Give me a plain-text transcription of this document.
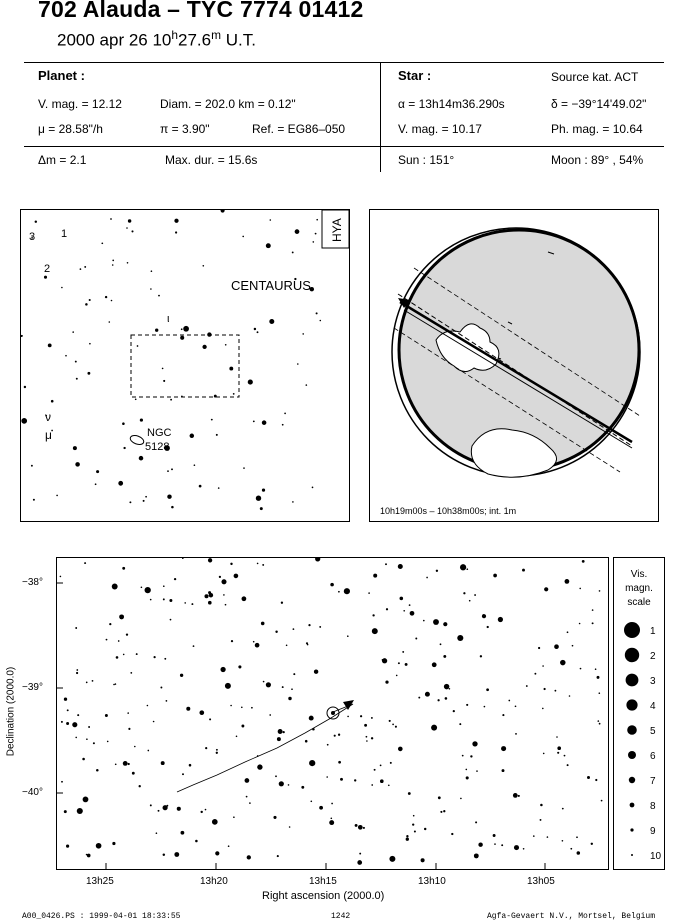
702 Alauda – TYC 7774 01412
2000 apr 26 10$^h$27.6$^m$ U.T.
Planet :
V. mag. = 12.12	Diam. = 202.0 km = 0.12"
μ = 28.58"/h	π = 3.90"	Ref. = EG86–050
Star :	Source kat. ACT
α = 13h14m36.290s	δ = −39°14'49.02"
V. mag. = 10.17	Ph. mag. = 10.64
Δm = 2.1	Max. dur. = 15.6s	Sun : 151°	Moon : 89° , 54%
HYA
CENTAURUS
NGC
5128
3 1
2
ι
ν
μ
10h19m00s – 10h38m00s; int. 1m
13h25	13h20	13h15	13h10	13h05
Right ascension (2000.0)
−38°
−39°
−40°
Declination (2000.0)
Vis.
magn.
scale
1
2
3
4
5
6
7
8
9
10
A00_0426.PS : 1999-04-01 18:33:55	1242	Agfa-Gevaert N.V., Mortsel, Belgium
